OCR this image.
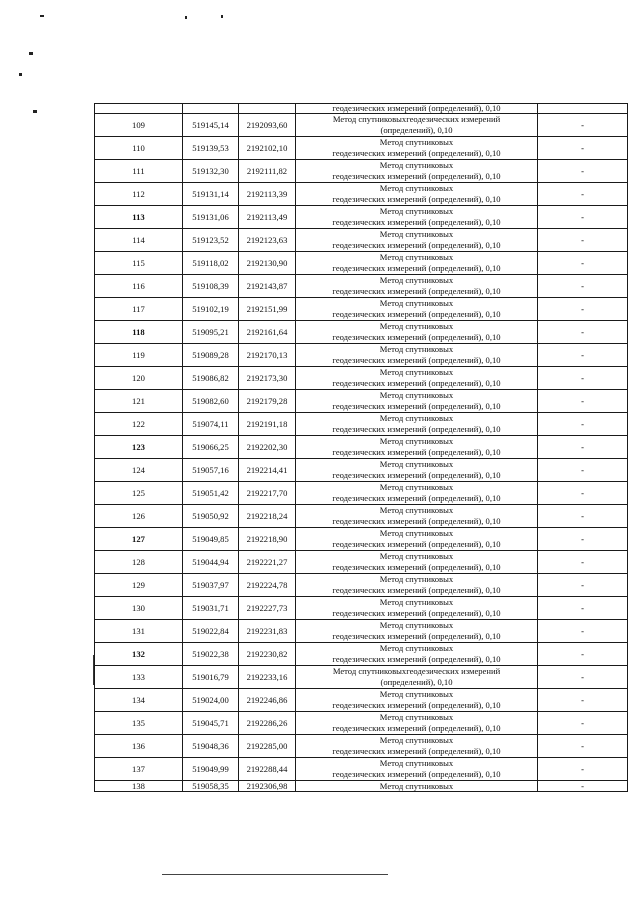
			геодезических измерений (определений), 0,10	
109	519145,14	2192093,60	Метод спутниковыхгеодезических измерений
(определений), 0,10	-
110	519139,53	2192102,10	Метод спутниковых
геодезических измерений (определений), 0,10	-
111	519132,30	2192111,82	Метод спутниковых
геодезических измерений (определений), 0,10	-
112	519131,14	2192113,39	Метод спутниковых
геодезических измерений (определений), 0,10	-
113	519131,06	2192113,49	Метод спутниковых
геодезических измерений (определений), 0,10	-
114	519123,52	2192123,63	Метод спутниковых
геодезических измерений (определений), 0,10	-
115	519118,02	2192130,90	Метод спутниковых
геодезических измерений (определений), 0,10	-
116	519108,39	2192143,87	Метод спутниковых
геодезических измерений (определений), 0,10	-
117	519102,19	2192151,99	Метод спутниковых
геодезических измерений (определений), 0,10	-
118	519095,21	2192161,64	Метод спутниковых
геодезических измерений (определений), 0,10	-
119	519089,28	2192170,13	Метод спутниковых
геодезических измерений (определений), 0,10	-
120	519086,82	2192173,30	Метод спутниковых
геодезических измерений (определений), 0,10	-
121	519082,60	2192179,28	Метод спутниковых
геодезических измерений (определений), 0,10	-
122	519074,11	2192191,18	Метод спутниковых
геодезических измерений (определений), 0,10	-
123	519066,25	2192202,30	Метод спутниковых
геодезических измерений (определений), 0,10	-
124	519057,16	2192214,41	Метод спутниковых
геодезических измерений (определений), 0,10	-
125	519051,42	2192217,70	Метод спутниковых
геодезических измерений (определений), 0,10	-
126	519050,92	2192218,24	Метод спутниковых
геодезических измерений (определений), 0,10	-
127	519049,85	2192218,90	Метод спутниковых
геодезических измерений (определений), 0,10	-
128	519044,94	2192221,27	Метод спутниковых
геодезических измерений (определений), 0,10	-
129	519037,97	2192224,78	Метод спутниковых
геодезических измерений (определений), 0,10	-
130	519031,71	2192227,73	Метод спутниковых
геодезических измерений (определений), 0,10	-
131	519022,84	2192231,83	Метод спутниковых
геодезических измерений (определений), 0,10	-
132	519022,38	2192230,82	Метод спутниковых
геодезических измерений (определений), 0,10	-
133	519016,79	2192233,16	Метод спутниковыхгеодезических измерений
(определений), 0,10	-
134	519024,00	2192246,86	Метод спутниковых
геодезических измерений (определений), 0,10	-
135	519045,71	2192286,26	Метод спутниковых
геодезических измерений (определений), 0,10	-
136	519048,36	2192285,00	Метод спутниковых
геодезических измерений (определений), 0,10	-
137	519049,99	2192288,44	Метод спутниковых
геодезических измерений (определений), 0,10	-
138	519058,35	2192306,98	Метод спутниковых	-
